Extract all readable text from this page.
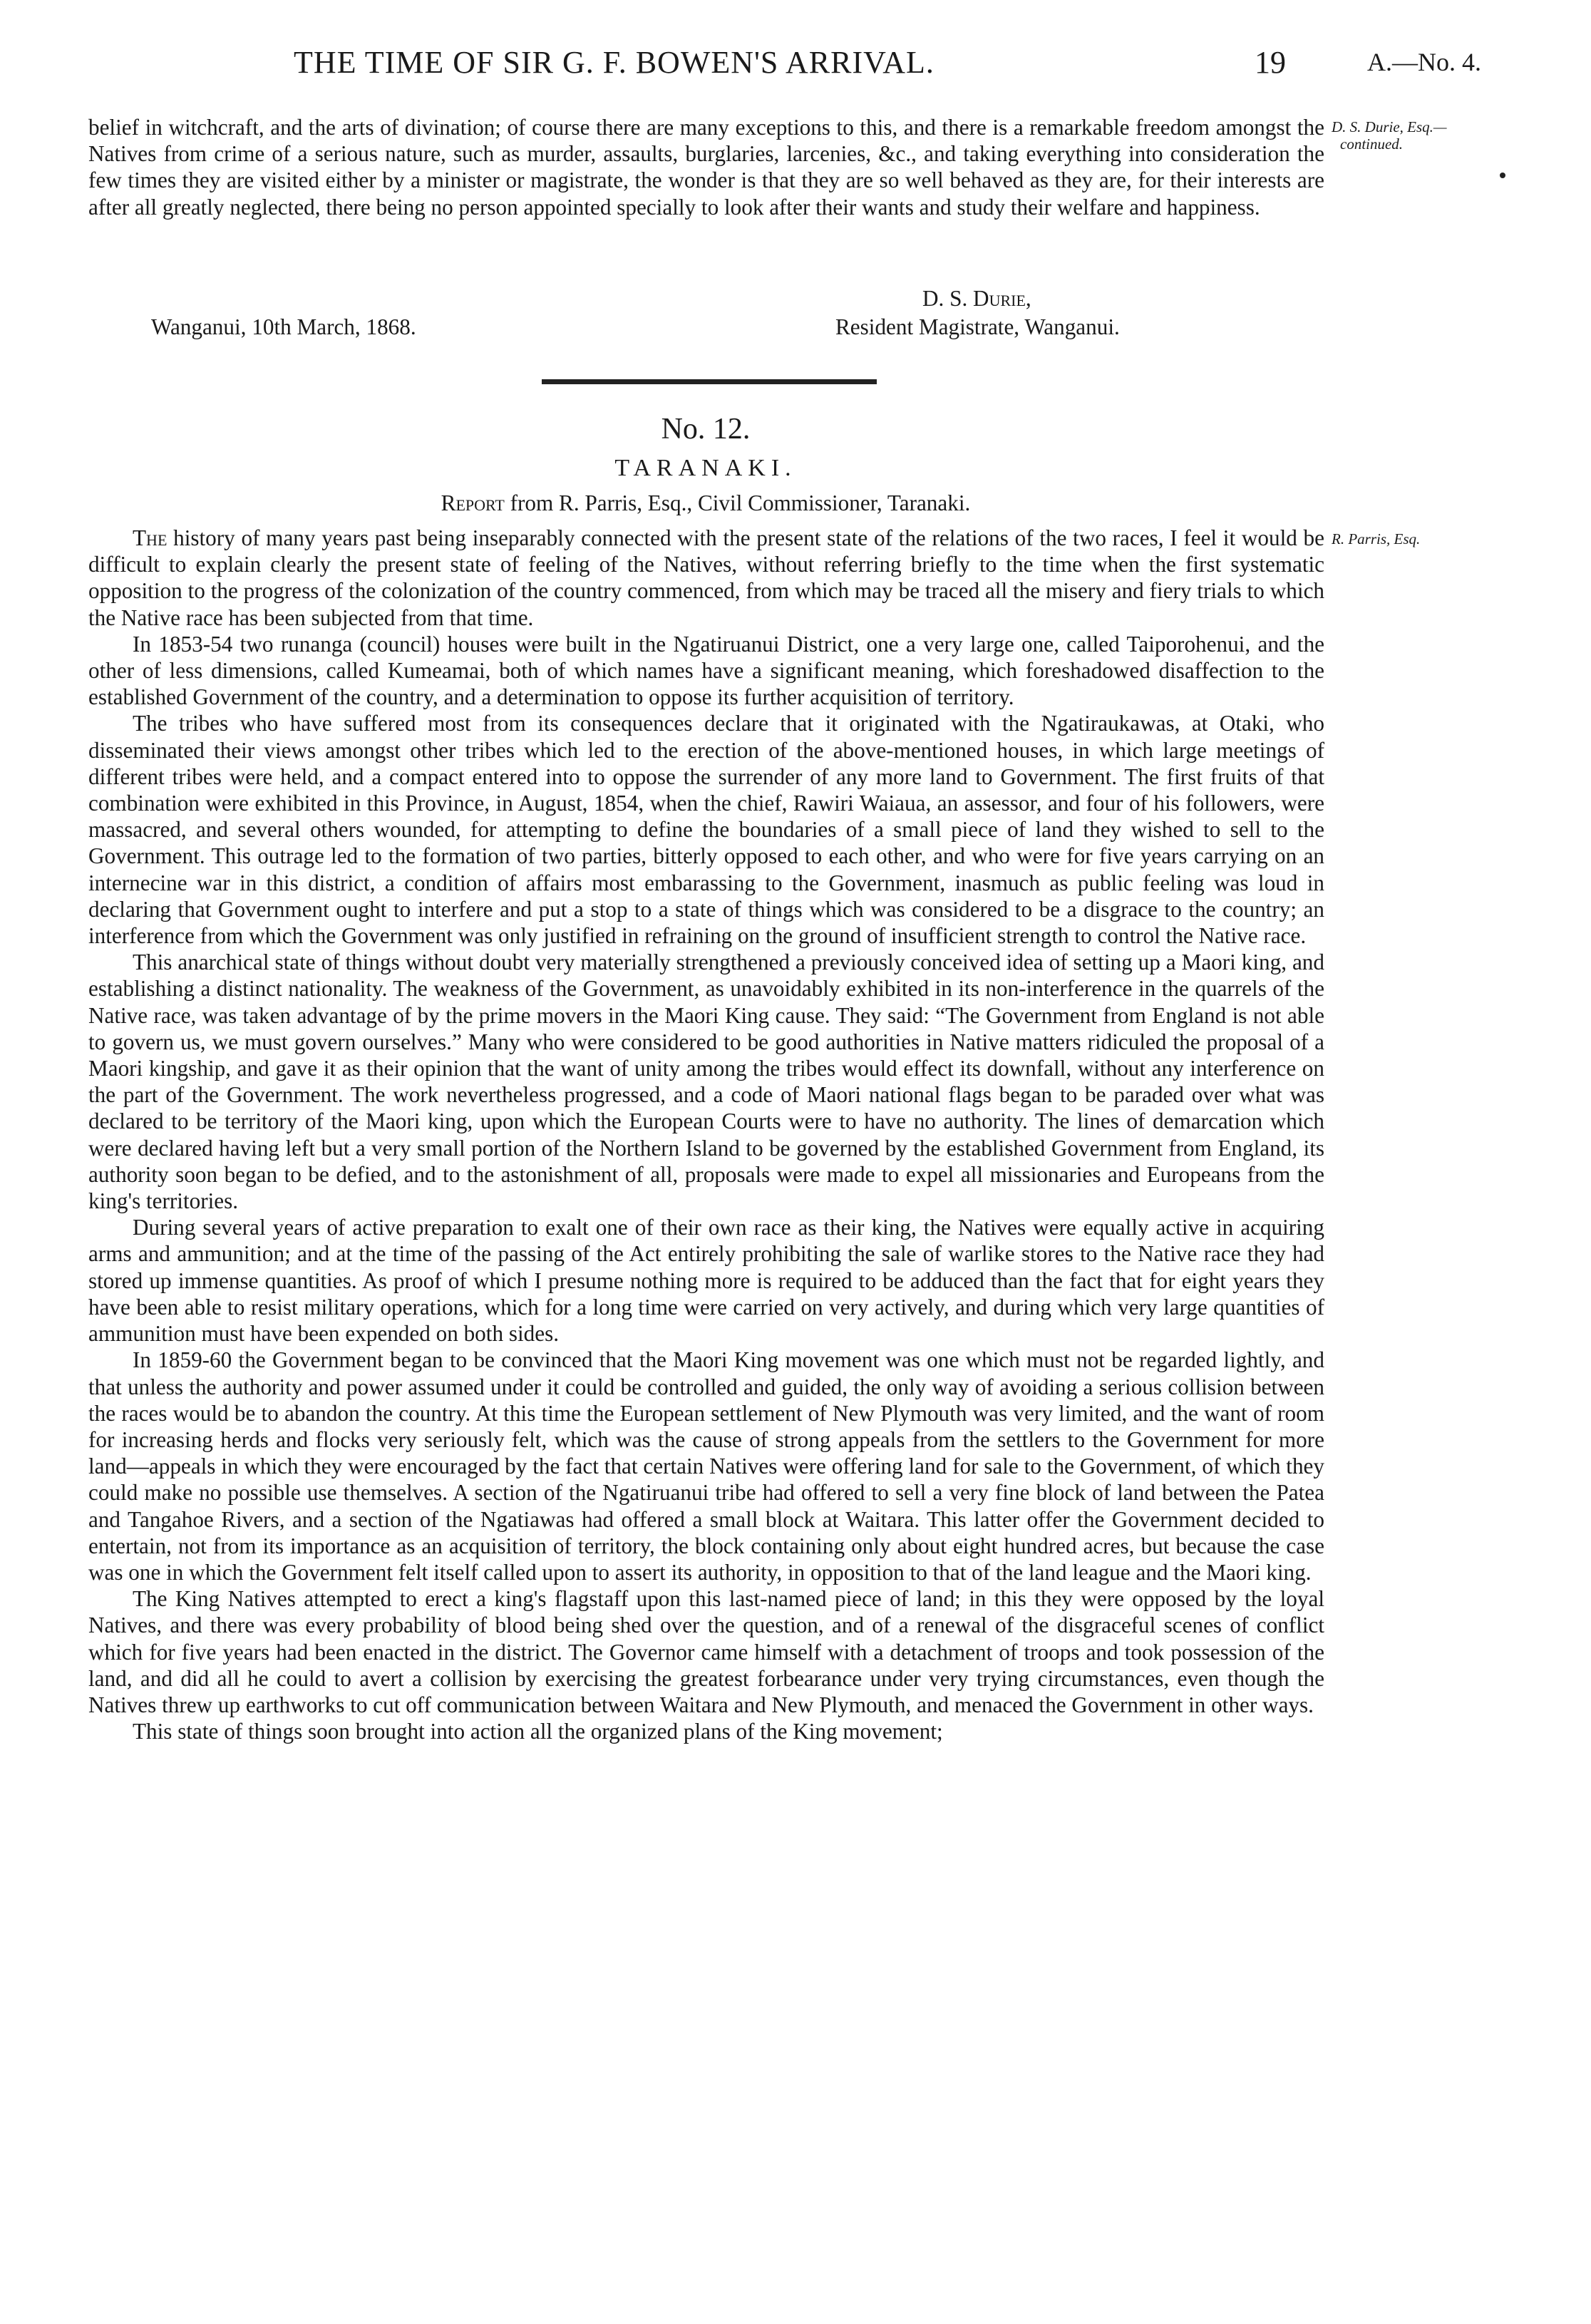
THE TIME OF SIR G. F. BOWEN'S ARRIVAL.	19	A.—No. 4.

belief in witchcraft, and the arts of divination; of course there are many exceptions to this, and there is a remarkable freedom amongst the Natives from crime of a serious nature, such as murder, assaults, burglaries, larcenies, &c., and taking everything into consideration the few times they are visited either by a minister or magistrate, the wonder is that they are so well behaved as they are, for their interests are after all greatly neglected, there being no person appointed specially to look after their wants and study their welfare and happiness.

D. S. Durie, Esq.—
continued.
D. S. Durie,
Wanganui, 10th March, 1868.	Resident Magistrate, Wanganui.
No. 12.
TARANAKI.
Report from R. Parris, Esq., Civil Commissioner, Taranaki.
R. Parris, Esq.

The history of many years past being inseparably connected with the present state of the relations of the two races, I feel it would be difficult to explain clearly the present state of feeling of the Natives, without referring briefly to the time when the first systematic opposition to the progress of the colonization of the country commenced, from which may be traced all the misery and fiery trials to which the Native race has been subjected from that time.

In 1853-54 two runanga (council) houses were built in the Ngatiruanui District, one a very large one, called Taiporohenui, and the other of less dimensions, called Kumeamai, both of which names have a significant meaning, which foreshadowed disaffection to the established Government of the country, and a determination to oppose its further acquisition of territory.

The tribes who have suffered most from its consequences declare that it originated with the Ngatiraukawas, at Otaki, who disseminated their views amongst other tribes which led to the erection of the above-mentioned houses, in which large meetings of different tribes were held, and a compact entered into to oppose the surrender of any more land to Government. The first fruits of that combination were exhibited in this Province, in August, 1854, when the chief, Rawiri Waiaua, an assessor, and four of his followers, were massacred, and several others wounded, for attempting to define the boundaries of a small piece of land they wished to sell to the Government. This outrage led to the formation of two parties, bitterly opposed to each other, and who were for five years carrying on an internecine war in this district, a condition of affairs most embarassing to the Government, inasmuch as public feeling was loud in declaring that Government ought to interfere and put a stop to a state of things which was considered to be a disgrace to the country; an interference from which the Government was only justified in refraining on the ground of insufficient strength to control the Native race.

This anarchical state of things without doubt very materially strengthened a previously conceived idea of setting up a Maori king, and establishing a distinct nationality. The weakness of the Government, as unavoidably exhibited in its non-interference in the quarrels of the Native race, was taken advantage of by the prime movers in the Maori King cause. They said: “The Government from England is not able to govern us, we must govern ourselves.” Many who were considered to be good authorities in Native matters ridiculed the proposal of a Maori kingship, and gave it as their opinion that the want of unity among the tribes would effect its downfall, without any interference on the part of the Government. The work nevertheless progressed, and a code of Maori national flags began to be paraded over what was declared to be territory of the Maori king, upon which the European Courts were to have no authority. The lines of demarcation which were declared having left but a very small portion of the Northern Island to be governed by the established Government from England, its authority soon began to be defied, and to the astonishment of all, proposals were made to expel all missionaries and Europeans from the king's territories.

During several years of active preparation to exalt one of their own race as their king, the Natives were equally active in acquiring arms and ammunition; and at the time of the passing of the Act entirely prohibiting the sale of warlike stores to the Native race they had stored up immense quantities. As proof of which I presume nothing more is required to be adduced than the fact that for eight years they have been able to resist military operations, which for a long time were carried on very actively, and during which very large quantities of ammunition must have been expended on both sides.

In 1859-60 the Government began to be convinced that the Maori King movement was one which must not be regarded lightly, and that unless the authority and power assumed under it could be controlled and guided, the only way of avoiding a serious collision between the races would be to abandon the country. At this time the European settlement of New Plymouth was very limited, and the want of room for increasing herds and flocks very seriously felt, which was the cause of strong appeals from the settlers to the Government for more land—appeals in which they were encouraged by the fact that certain Natives were offering land for sale to the Government, of which they could make no possible use themselves. A section of the Ngatiruanui tribe had offered to sell a very fine block of land between the Patea and Tangahoe Rivers, and a section of the Ngatiawas had offered a small block at Waitara. This latter offer the Government decided to entertain, not from its importance as an acquisition of territory, the block containing only about eight hundred acres, but because the case was one in which the Government felt itself called upon to assert its authority, in opposition to that of the land league and the Maori king.

The King Natives attempted to erect a king's flagstaff upon this last-named piece of land; in this they were opposed by the loyal Natives, and there was every probability of blood being shed over the question, and of a renewal of the disgraceful scenes of conflict which for five years had been enacted in the district. The Governor came himself with a detachment of troops and took possession of the land, and did all he could to avert a collision by exercising the greatest forbearance under very trying circumstances, even though the Natives threw up earthworks to cut off communication between Waitara and New Plymouth, and menaced the Government in other ways.

This state of things soon brought into action all the organized plans of the King movement;
